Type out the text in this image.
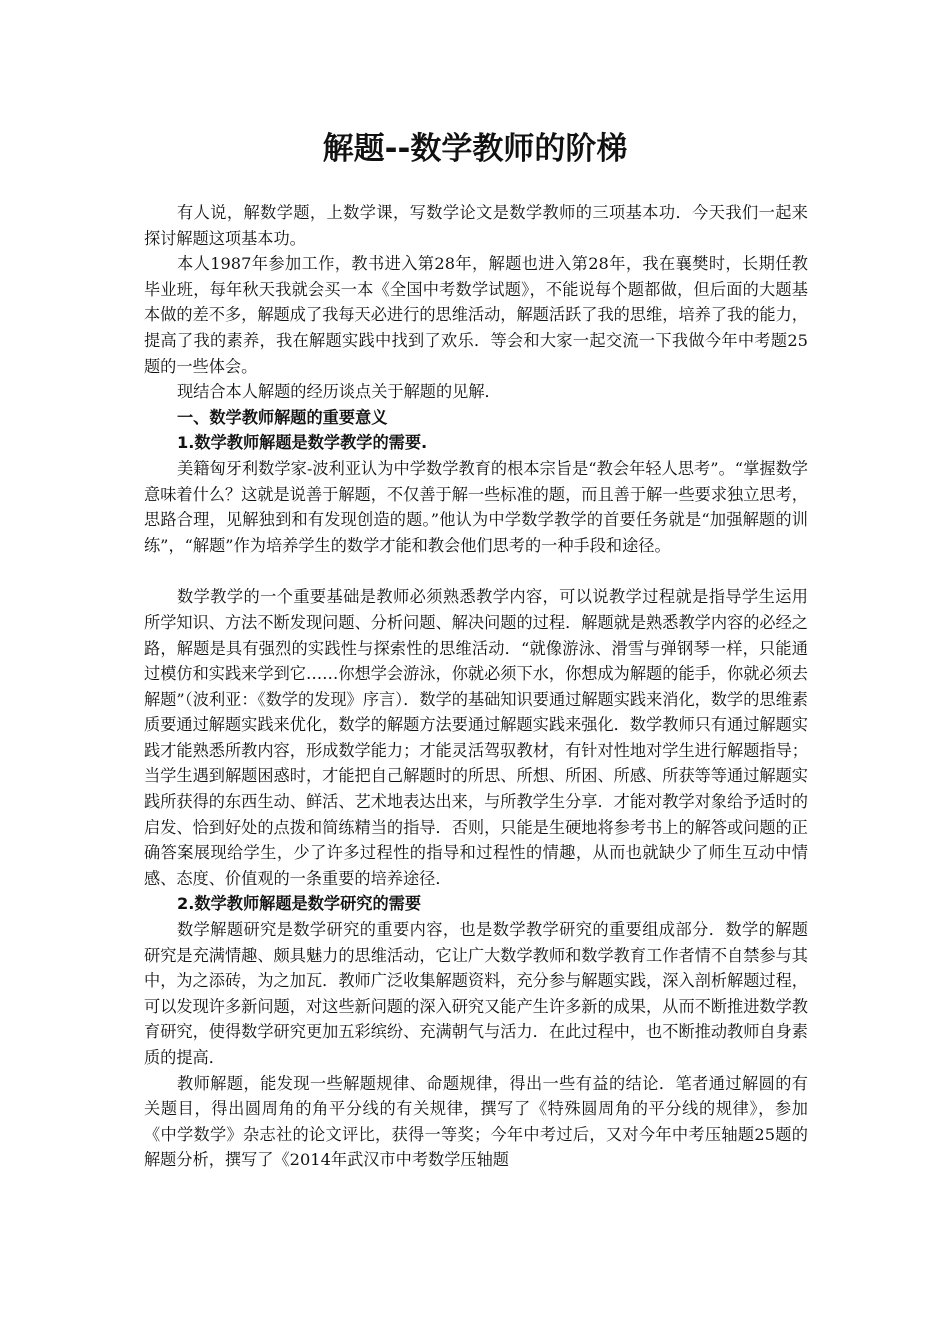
解题--数学教师的阶梯

有人说，解数学题，上数学课，写数学论文是数学教师的三项基本功．今天我们一起来探讨解题这项基本功。

本人1987年参加工作，教书进入第28年，解题也进入第28年，我在襄樊时，长期任教毕业班，每年秋天我就会买一本《全国中考数学试题》，不能说每个题都做，但后面的大题基本做的差不多，解题成了我每天必进行的思维活动，解题活跃了我的思维，培养了我的能力，提高了我的素养，我在解题实践中找到了欢乐．等会和大家一起交流一下我做今年中考题25题的一些体会。

现结合本人解题的经历谈点关于解题的见解．

一、数学教师解题的重要意义

1.数学教师解题是数学教学的需要.

美籍匈牙利数学家-波利亚认为中学数学教育的根本宗旨是“教会年轻人思考”。“掌握数学意味着什么？这就是说善于解题，不仅善于解一些标准的题，而且善于解一些要求独立思考，思路合理，见解独到和有发现创造的题。”他认为中学数学教学的首要任务就是“加强解题的训练”，“解题”作为培养学生的数学才能和教会他们思考的一种手段和途径。

数学教学的一个重要基础是教师必须熟悉教学内容，可以说教学过程就是指导学生运用所学知识、方法不断发现问题、分析问题、解决问题的过程．解题就是熟悉教学内容的必经之路，解题是具有强烈的实践性与探索性的思维活动．“就像游泳、滑雪与弹钢琴一样，只能通过模仿和实践来学到它……你想学会游泳，你就必须下水，你想成为解题的能手，你就必须去解题”（波利亚：《数学的发现》序言）．数学的基础知识要通过解题实践来消化，数学的思维素质要通过解题实践来优化，数学的解题方法要通过解题实践来强化．数学教师只有通过解题实践才能熟悉所教内容，形成数学能力；才能灵活驾驭教材，有针对性地对学生进行解题指导；当学生遇到解题困惑时，才能把自己解题时的所思、所想、所困、所感、所获等等通过解题实践所获得的东西生动、鲜活、艺术地表达出来，与所教学生分享．才能对教学对象给予适时的启发、恰到好处的点拨和简练精当的指导．否则，只能是生硬地将参考书上的解答或问题的正确答案展现给学生，少了许多过程性的指导和过程性的情趣，从而也就缺少了师生互动中情感、态度、价值观的一条重要的培养途径．

2.数学教师解题是数学研究的需要

数学解题研究是数学研究的重要内容，也是数学教学研究的重要组成部分．数学的解题研究是充满情趣、颇具魅力的思维活动，它让广大数学教师和数学教育工作者情不自禁参与其中，为之添砖，为之加瓦．教师广泛收集解题资料，充分参与解题实践，深入剖析解题过程，可以发现许多新问题，对这些新问题的深入研究又能产生许多新的成果，从而不断推进数学教育研究，使得数学研究更加五彩缤纷、充满朝气与活力．在此过程中，也不断推动教师自身素质的提高．

教师解题，能发现一些解题规律、命题规律，得出一些有益的结论．笔者通过解圆的有关题目，得出圆周角的角平分线的有关规律，撰写了《特殊圆周角的平分线的规律》，参加《中学数学》杂志社的论文评比，获得一等奖；今年中考过后，又对今年中考压轴题25题的解题分析，撰写了《2014年武汉市中考数学压轴题
